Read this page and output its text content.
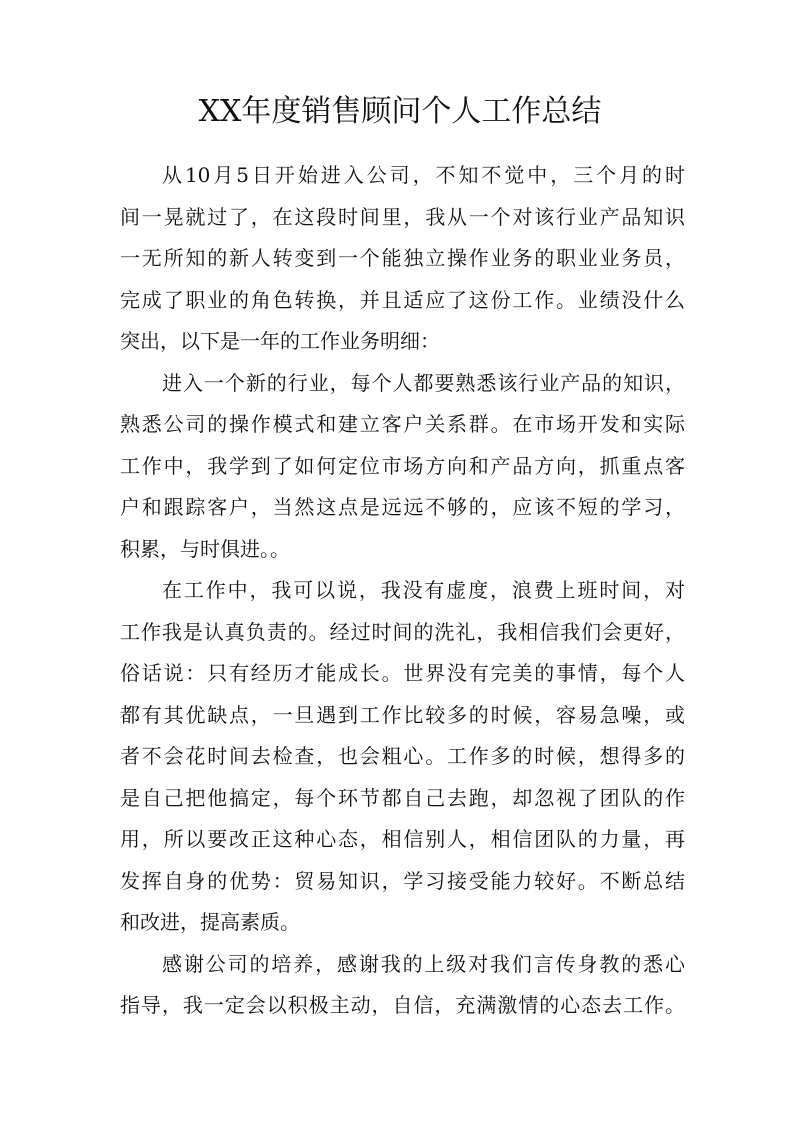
XX年度销售顾问个人工作总结
从10月5日开始进入公司，不知不觉中，三个月的时
间一晃就过了，在这段时间里，我从一个对该行业产品知识
一无所知的新人转变到一个能独立操作业务的职业业务员，
完成了职业的角色转换，并且适应了这份工作。业绩没什么
突出，以下是一年的工作业务明细：
进入一个新的行业，每个人都要熟悉该行业产品的知识，
熟悉公司的操作模式和建立客户关系群。在市场开发和实际
工作中，我学到了如何定位市场方向和产品方向，抓重点客
户和跟踪客户，当然这点是远远不够的，应该不短的学习，
积累，与时俱进。。
在工作中，我可以说，我没有虚度，浪费上班时间，对
工作我是认真负责的。经过时间的洗礼，我相信我们会更好，
俗话说：只有经历才能成长。世界没有完美的事情，每个人
都有其优缺点，一旦遇到工作比较多的时候，容易急噪，或
者不会花时间去检查，也会粗心。工作多的时候，想得多的
是自己把他搞定，每个环节都自己去跑，却忽视了团队的作
用，所以要改正这种心态，相信别人，相信团队的力量，再
发挥自身的优势：贸易知识，学习接受能力较好。不断总结
和改进，提高素质。
感谢公司的培养，感谢我的上级对我们言传身教的悉心
指导，我一定会以积极主动，自信，充满激情的心态去工作。
